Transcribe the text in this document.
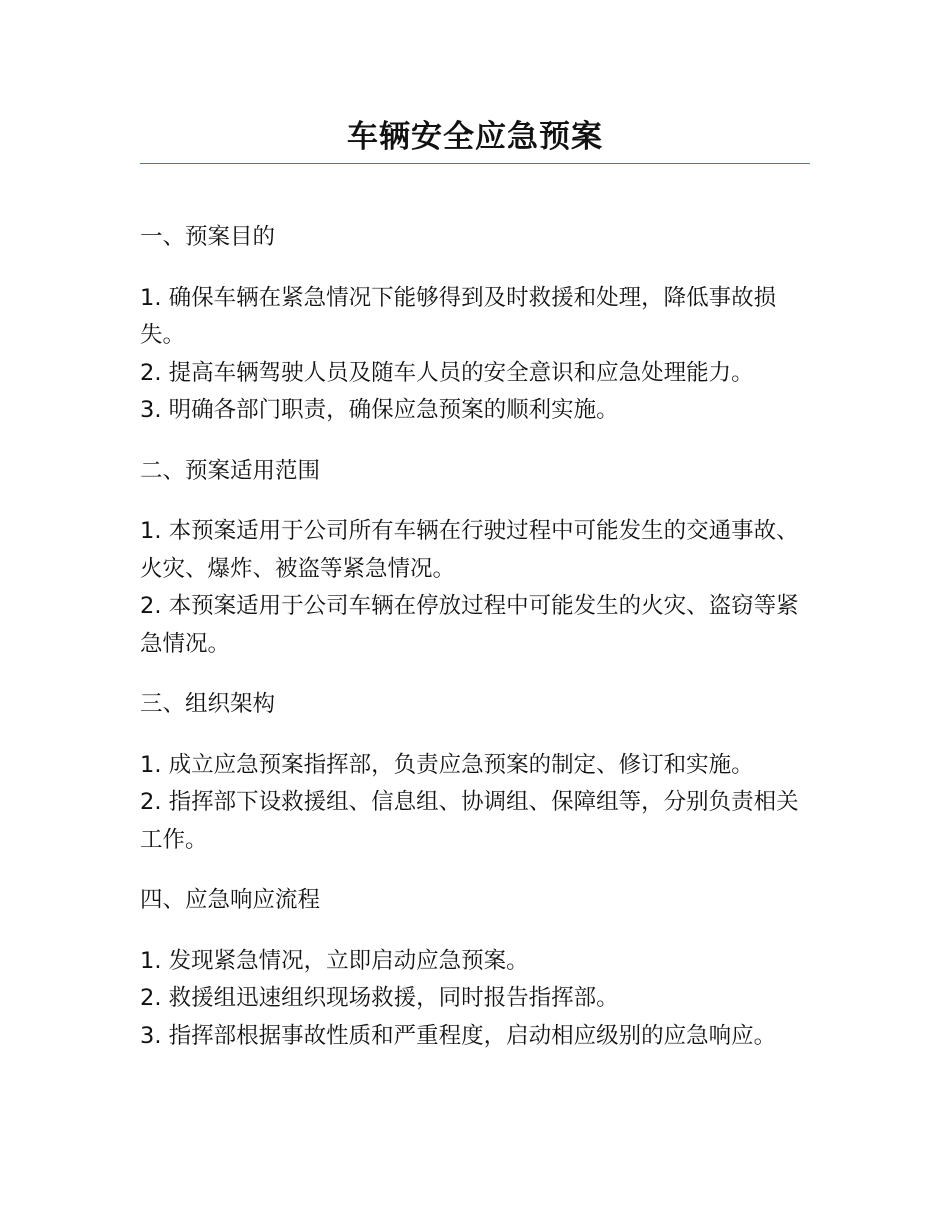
车辆安全应急预案
一、预案目的
1. 确保车辆在紧急情况下能够得到及时救援和处理，降低事故损失。
2. 提高车辆驾驶人员及随车人员的安全意识和应急处理能力。
3. 明确各部门职责，确保应急预案的顺利实施。
二、预案适用范围
1. 本预案适用于公司所有车辆在行驶过程中可能发生的交通事故、火灾、爆炸、被盗等紧急情况。
2. 本预案适用于公司车辆在停放过程中可能发生的火灾、盗窃等紧急情况。
三、组织架构
1. 成立应急预案指挥部，负责应急预案的制定、修订和实施。
2. 指挥部下设救援组、信息组、协调组、保障组等，分别负责相关工作。
四、应急响应流程
1. 发现紧急情况，立即启动应急预案。
2. 救援组迅速组织现场救援，同时报告指挥部。
3. 指挥部根据事故性质和严重程度，启动相应级别的应急响应。
